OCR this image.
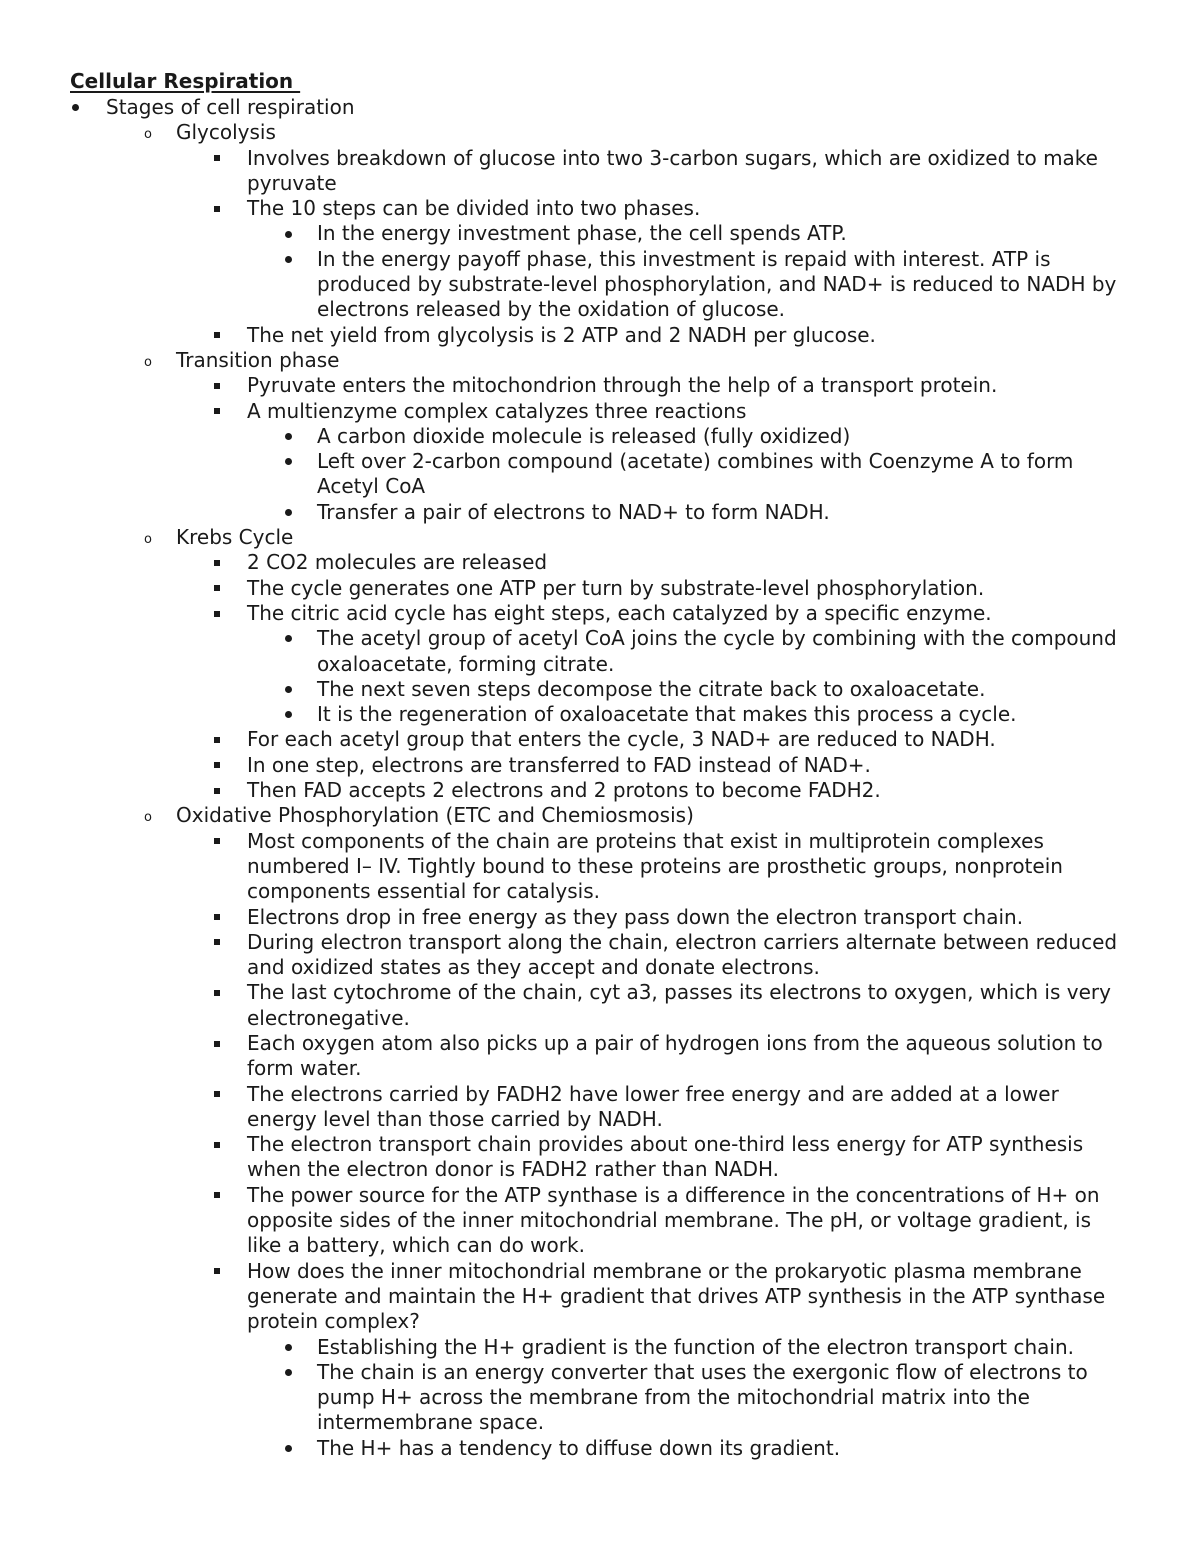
Cellular Respiration
Stages of cell respiration
o Glycolysis
Involves breakdown of glucose into two 3-carbon sugars, which are oxidized to make pyruvate
The 10 steps can be divided into two phases.
In the energy investment phase, the cell spends ATP.
In the energy payoff phase, this investment is repaid with interest. ATP is produced by substrate-level phosphorylation, and NAD+ is reduced to NADH by electrons released by the oxidation of glucose.
The net yield from glycolysis is 2 ATP and 2 NADH per glucose.
o Transition phase
Pyruvate enters the mitochondrion through the help of a transport protein.
A multienzyme complex catalyzes three reactions
A carbon dioxide molecule is released (fully oxidized)
Left over 2-carbon compound (acetate) combines with Coenzyme A to form Acetyl CoA
Transfer a pair of electrons to NAD+ to form NADH.
o Krebs Cycle
2 CO2 molecules are released
The cycle generates one ATP per turn by substrate-level phosphorylation.
The citric acid cycle has eight steps, each catalyzed by a specific enzyme.
The acetyl group of acetyl CoA joins the cycle by combining with the compound oxaloacetate, forming citrate.
The next seven steps decompose the citrate back to oxaloacetate.
It is the regeneration of oxaloacetate that makes this process a cycle.
For each acetyl group that enters the cycle, 3 NAD+ are reduced to NADH.
In one step, electrons are transferred to FAD instead of NAD+.
Then FAD accepts 2 electrons and 2 protons to become FADH2.
o Oxidative Phosphorylation (ETC and Chemiosmosis)
Most components of the chain are proteins that exist in multiprotein complexes numbered I– IV. Tightly bound to these proteins are prosthetic groups, nonprotein components essential for catalysis.
Electrons drop in free energy as they pass down the electron transport chain.
During electron transport along the chain, electron carriers alternate between reduced and oxidized states as they accept and donate electrons.
The last cytochrome of the chain, cyt a3, passes its electrons to oxygen, which is very electronegative.
Each oxygen atom also picks up a pair of hydrogen ions from the aqueous solution to form water.
The electrons carried by FADH2 have lower free energy and are added at a lower energy level than those carried by NADH.
The electron transport chain provides about one-third less energy for ATP synthesis when the electron donor is FADH2 rather than NADH.
The power source for the ATP synthase is a difference in the concentrations of H+ on opposite sides of the inner mitochondrial membrane. The pH, or voltage gradient, is like a battery, which can do work.
How does the inner mitochondrial membrane or the prokaryotic plasma membrane generate and maintain the H+ gradient that drives ATP synthesis in the ATP synthase protein complex?
Establishing the H+ gradient is the function of the electron transport chain.
The chain is an energy converter that uses the exergonic flow of electrons to pump H+ across the membrane from the mitochondrial matrix into the intermembrane space.
The H+ has a tendency to diffuse down its gradient.
